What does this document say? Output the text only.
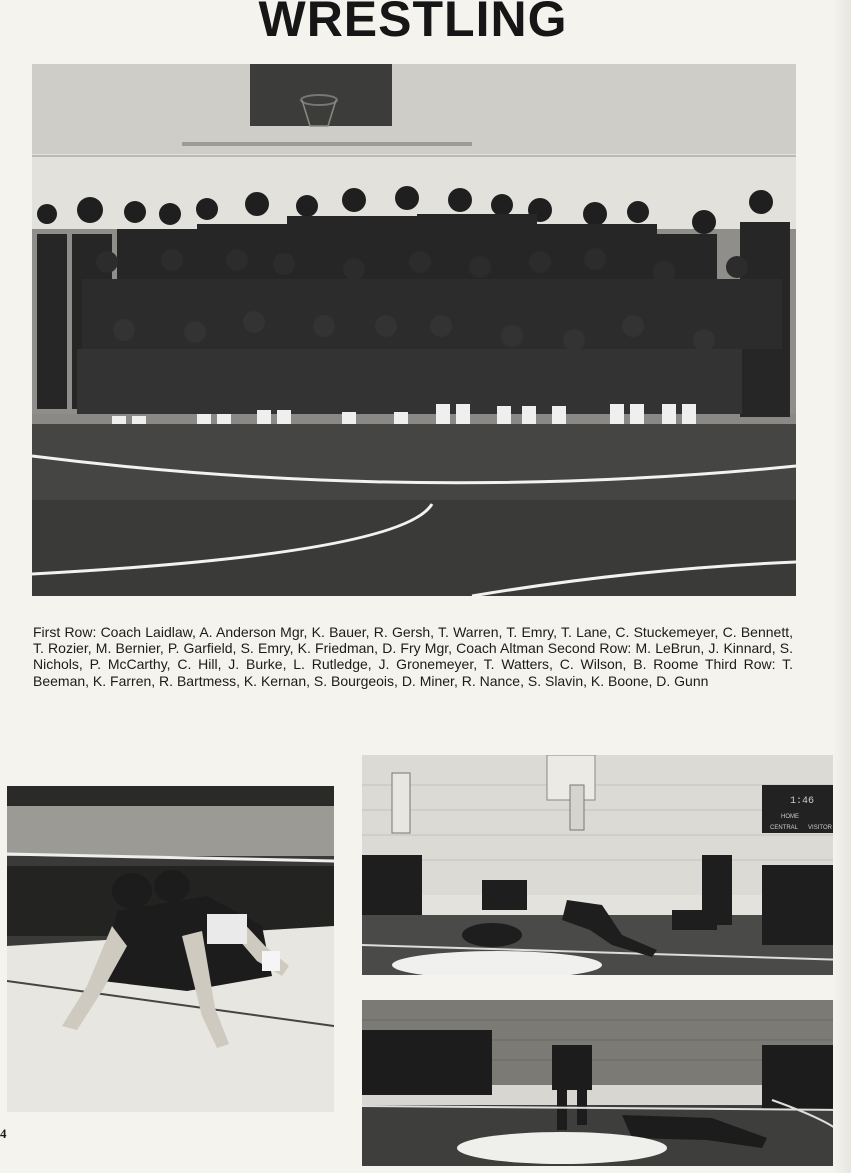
WRESTLING
First Row: Coach Laidlaw, A. Anderson Mgr, K. Bauer, R. Gersh, T. Warren, T. Emry, T. Lane, C. Stuckemeyer, C. Bennett, T. Rozier, M. Bernier, P. Garfield, S. Emry, K. Friedman, D. Fry Mgr, Coach Altman Second Row: M. LeBrun, J. Kinnard, S. Nichols, P. McCarthy, C. Hill, J. Burke, L. Rutledge, J. Gronemeyer, T. Watters, C. Wilson, B. Roome Third Row: T. Beeman, K. Farren, R. Bartmess, K. Kernan, S. Bourgeois, D. Miner, R. Nance, S. Slavin, K. Boone, D. Gunn
1:46
HOME
CENTRAL VISITOR
4
